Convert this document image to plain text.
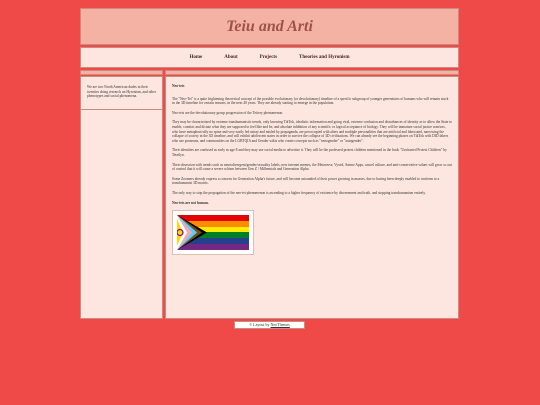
Teiu and Arti
Home	About	Projects	Theories and Hyronism
We are two North American dudes in their twenties doing research on Hyronism, and other phenotypes and social phenomena.

Neo-teis

The "Neo-Tei" is a quite frightening theoretical concept of the possible evolutionary (or devolutionary) timeline of a specific subgroup of younger generations of humans who will remain stuck in the 3D timeline for certain reasons, in the next 40 years. They are already starting to emerge in the population.

Neo-teis are the devolutionary group progression of the Teitery phenomenon.

They may be characterized by extreme transhumanistic trends, only knowing TikTok, idealistic information and going viral, extreme confusion and disturbances of identity as to allow the State to enable, comfort and dictate what they are supposed to feel like and be, and absolute inhibition of any scientific or logical acceptance of biology. They will be immature social justice warriors, who have metaphorically no spine and very easily led astray and misled by propaganda, are preoccupied with alters and multiple personalities that are artificial and fabricated, narrowing the collapse of society in the 3D timeline, and will exhibit adolescent states in order to survive the collapse of 3D civilizations. We can already see the beginning phases on TikTok with DID fakers who use pronouns, and communities on the LGBTQIA and Gender wikis who create concepts such as "xenogender" or "autogender".

Their identities are confused as early as age 8 and they may use social media to advertise it. They will be the professed protest children mentioned in the book "Uncharted Protest Children" by Tetzilyn.

Their obsession with trends such as neurodivergent/gender/sexuality labels, new internet memes, the Metaverse, Vyxed, Anime Apps, cancel culture, and anti-conservative values will grow so out of control that it will cause a severe schism between Gen Z / Millennials and Generation Alpha.

Some Zoomers already express a concern for Generation Alpha's future, and will become astounded of their power growing in masses, due to having been deeply enabled to conform to a transhumanist 3D matrix.

The only way to stop the propagation of the neo-tei phenomenon is ascending to a higher frequency of existence by discernment and truth, and stopping transhumanism entirely.

Neo-teis are not human.

© Layout by NeoThemes
